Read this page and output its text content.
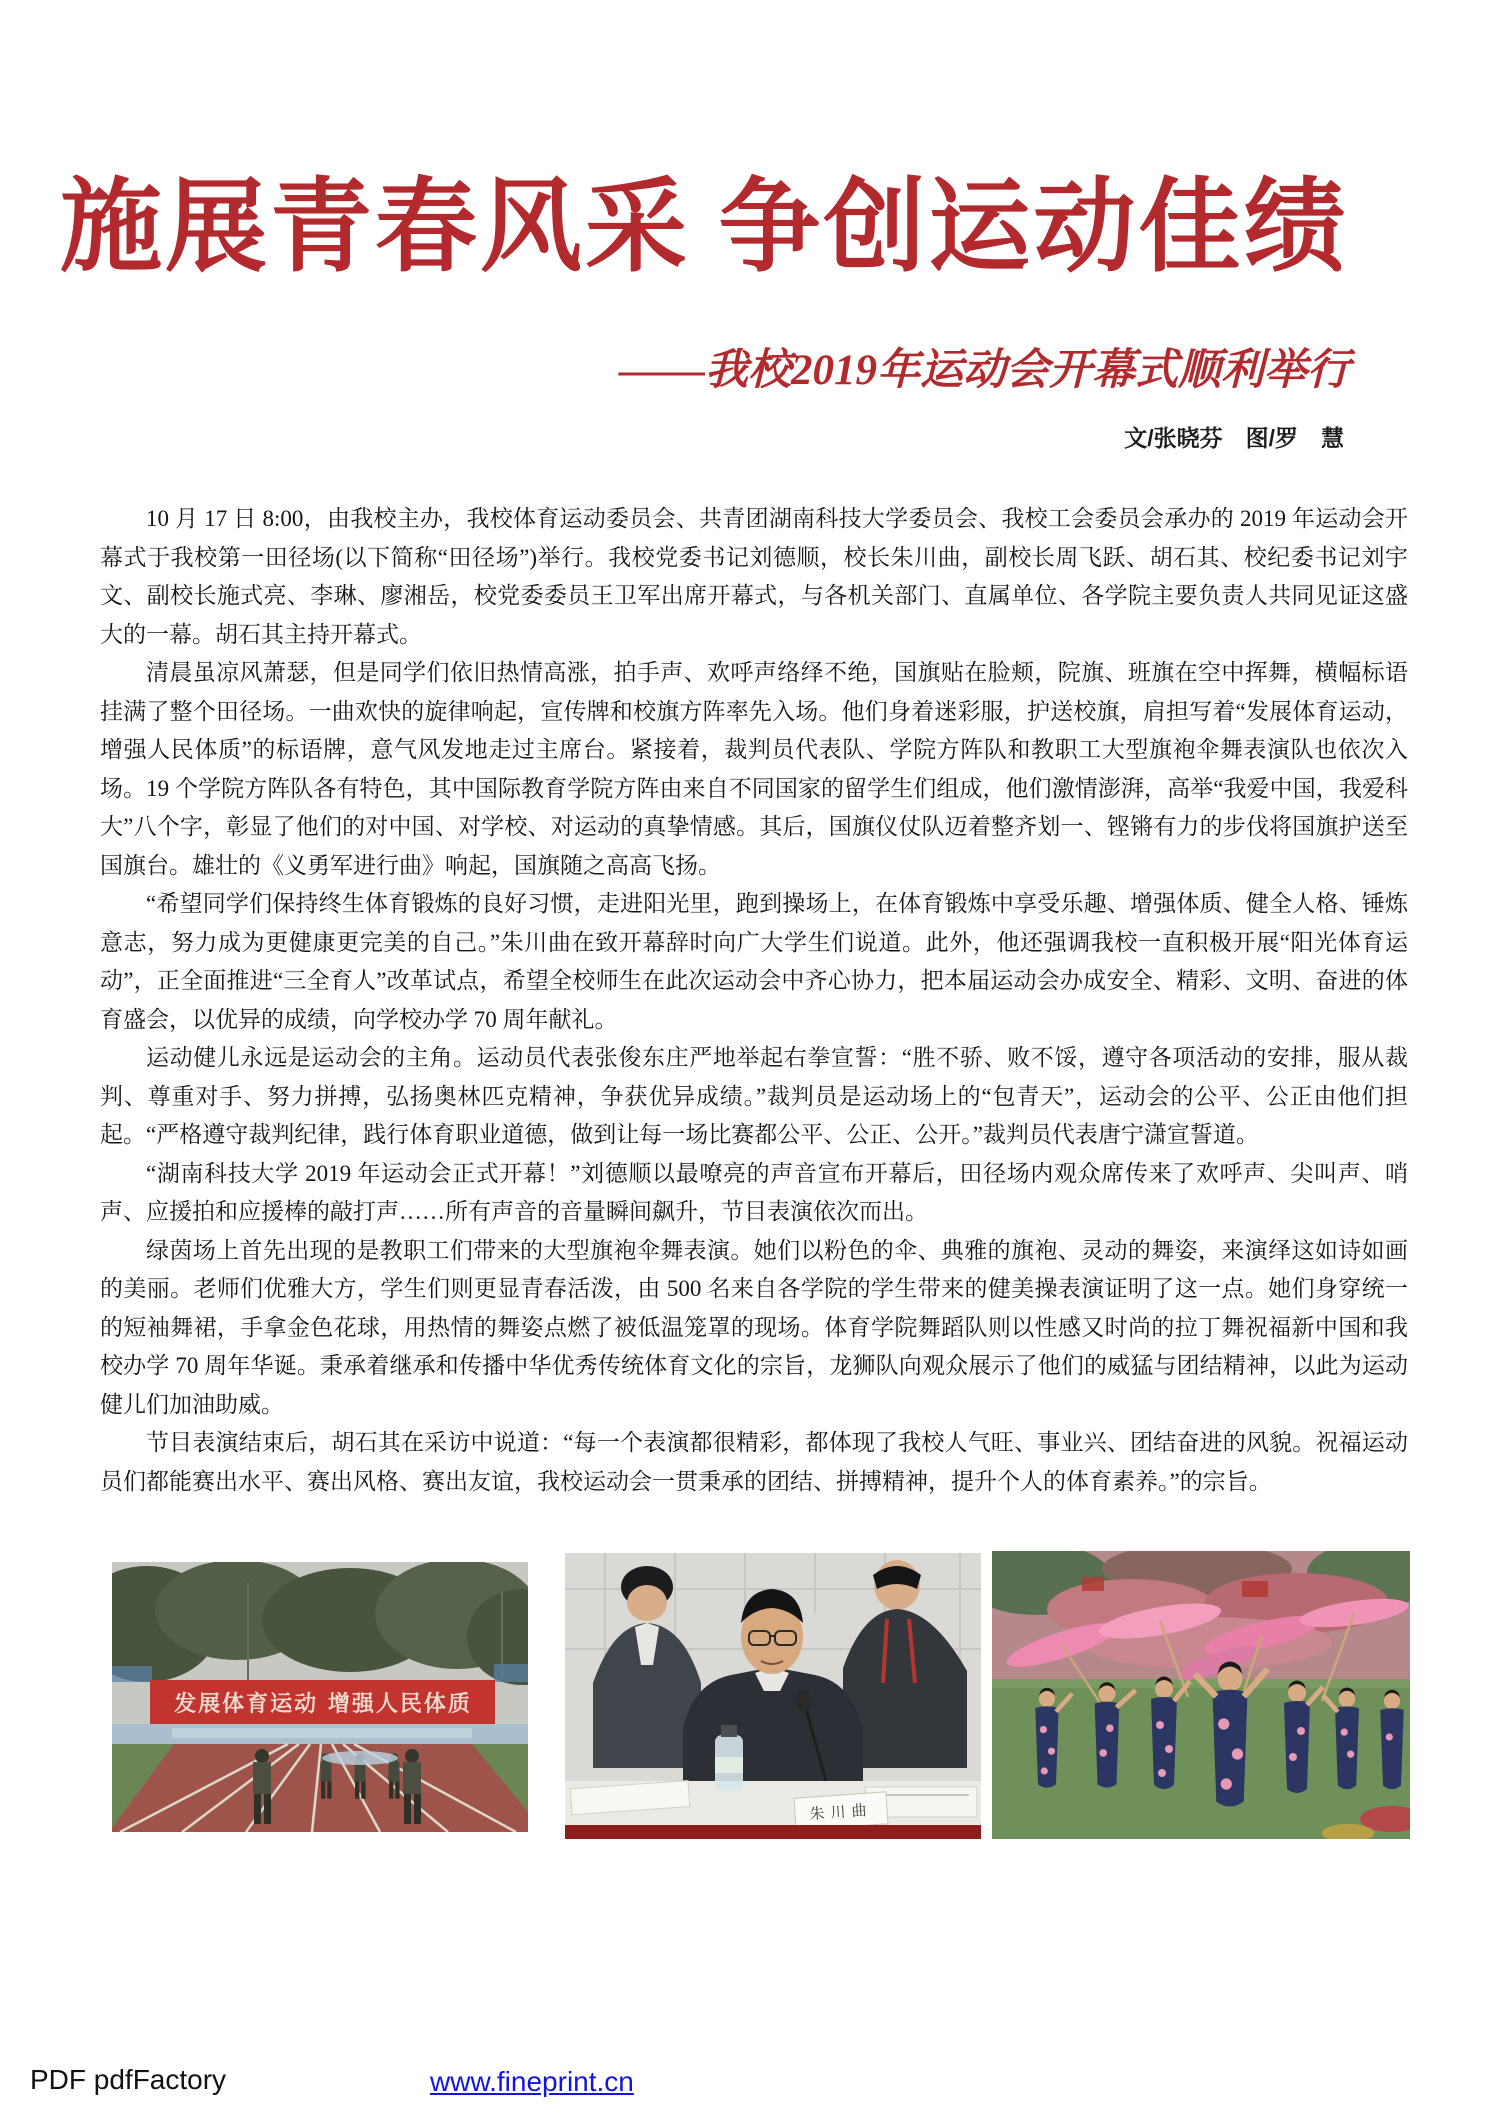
施展青春风采 争创运动佳绩
——我校2019年运动会开幕式顺利举行
文/张晓芬　图/罗　慧

10 月 17 日 8:00，由我校主办，我校体育运动委员会、共青团湖南科技大学委员会、我校工会委员会承办的 2019 年运动会开幕式于我校第一田径场(以下简称“田径场”)举行。我校党委书记刘德顺，校长朱川曲，副校长周飞跃、胡石其、校纪委书记刘宇文、副校长施式亮、李琳、廖湘岳，校党委委员王卫军出席开幕式，与各机关部门、直属单位、各学院主要负责人共同见证这盛大的一幕。胡石其主持开幕式。

清晨虽凉风萧瑟，但是同学们依旧热情高涨，拍手声、欢呼声络绎不绝，国旗贴在脸颊，院旗、班旗在空中挥舞，横幅标语挂满了整个田径场。一曲欢快的旋律响起，宣传牌和校旗方阵率先入场。他们身着迷彩服，护送校旗，肩担写着“发展体育运动，增强人民体质”的标语牌，意气风发地走过主席台。紧接着，裁判员代表队、学院方阵队和教职工大型旗袍伞舞表演队也依次入场。19 个学院方阵队各有特色，其中国际教育学院方阵由来自不同国家的留学生们组成，他们激情澎湃，高举“我爱中国，我爱科大”八个字，彰显了他们的对中国、对学校、对运动的真挚情感。其后，国旗仪仗队迈着整齐划一、铿锵有力的步伐将国旗护送至国旗台。雄壮的《义勇军进行曲》响起，国旗随之高高飞扬。

“希望同学们保持终生体育锻炼的良好习惯，走进阳光里，跑到操场上，在体育锻炼中享受乐趣、增强体质、健全人格、锤炼意志，努力成为更健康更完美的自己。”朱川曲在致开幕辞时向广大学生们说道。此外，他还强调我校一直积极开展“阳光体育运动”，正全面推进“三全育人”改革试点，希望全校师生在此次运动会中齐心协力，把本届运动会办成安全、精彩、文明、奋进的体育盛会，以优异的成绩，向学校办学 70 周年献礼。

运动健儿永远是运动会的主角。运动员代表张俊东庄严地举起右拳宣誓：“胜不骄、败不馁，遵守各项活动的安排，服从裁判、尊重对手、努力拼搏，弘扬奥林匹克精神，争获优异成绩。”裁判员是运动场上的“包青天”，运动会的公平、公正由他们担起。“严格遵守裁判纪律，践行体育职业道德，做到让每一场比赛都公平、公正、公开。”裁判员代表唐宁潇宣誓道。

“湖南科技大学 2019 年运动会正式开幕！”刘德顺以最嘹亮的声音宣布开幕后，田径场内观众席传来了欢呼声、尖叫声、哨声、应援拍和应援棒的敲打声……所有声音的音量瞬间飙升，节目表演依次而出。

绿茵场上首先出现的是教职工们带来的大型旗袍伞舞表演。她们以粉色的伞、典雅的旗袍、灵动的舞姿，来演绎这如诗如画的美丽。老师们优雅大方，学生们则更显青春活泼，由 500 名来自各学院的学生带来的健美操表演证明了这一点。她们身穿统一的短袖舞裙，手拿金色花球，用热情的舞姿点燃了被低温笼罩的现场。体育学院舞蹈队则以性感又时尚的拉丁舞祝福新中国和我校办学 70 周年华诞。秉承着继承和传播中华优秀传统体育文化的宗旨，龙狮队向观众展示了他们的威猛与团结精神，以此为运动健儿们加油助威。

节目表演结束后，胡石其在采访中说道：“每一个表演都很精彩，都体现了我校人气旺、事业兴、团结奋进的风貌。祝福运动员们都能赛出水平、赛出风格、赛出友谊，我校运动会一贯秉承的团结、拼搏精神，提升个人的体育素养。”的宗旨。

发展体育运动 增强人民体质
朱川曲
PDF pdfFactory	www.fineprint.cn
